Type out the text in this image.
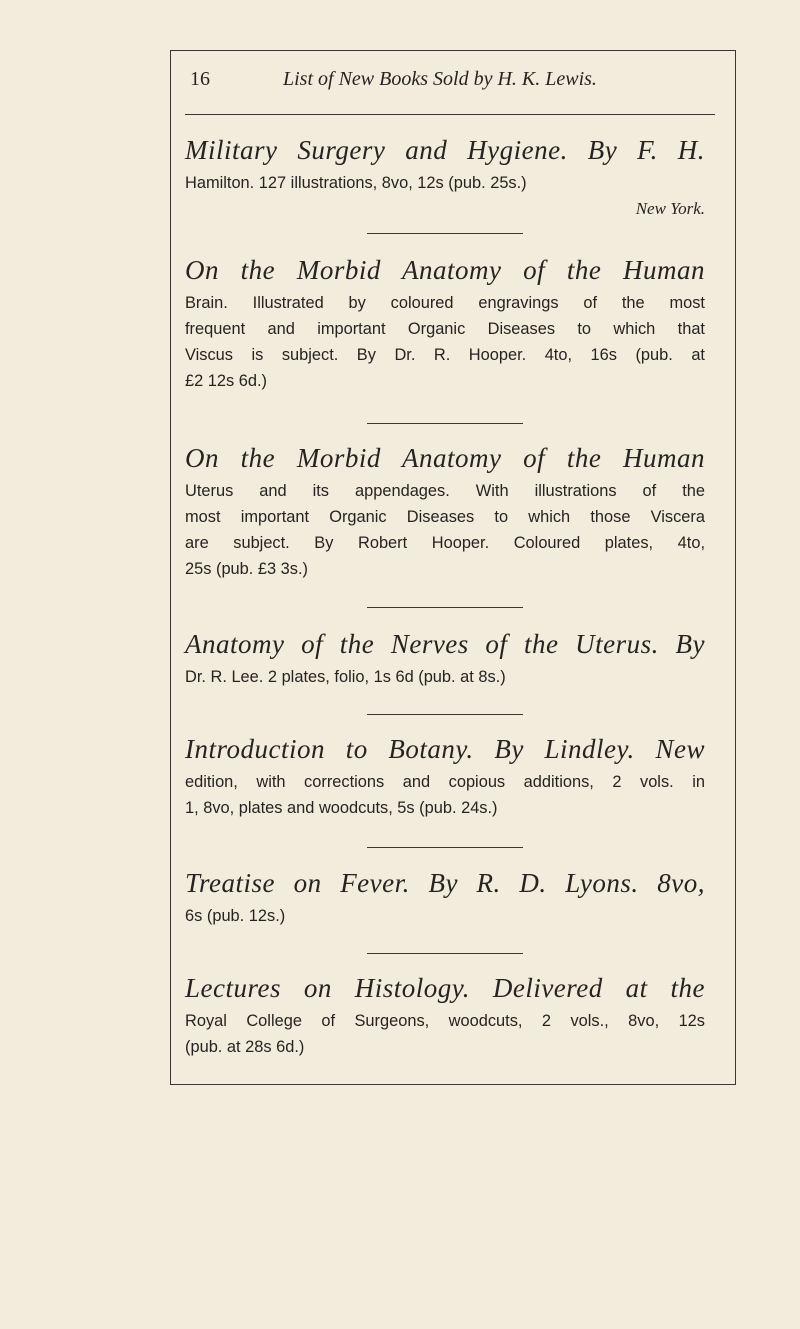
16	List of New Books Sold by H. K. Lewis.
Military Surgery and Hygiene. By F. H.
Hamilton. 127 illustrations, 8vo, 12s (pub. 25s.)
New York.
On the Morbid Anatomy of the Human
Brain. Illustrated by coloured engravings of the most
frequent and important Organic Diseases to which that
Viscus is subject. By Dr. R. Hooper. 4to, 16s (pub. at
£2 12s 6d.)
On the Morbid Anatomy of the Human
Uterus and its appendages. With illustrations of the
most important Organic Diseases to which those Viscera
are subject. By Robert Hooper. Coloured plates, 4to,
25s (pub. £3 3s.)
Anatomy of the Nerves of the Uterus. By
Dr. R. Lee. 2 plates, folio, 1s 6d (pub. at 8s.)
Introduction to Botany. By Lindley. New
edition, with corrections and copious additions, 2 vols. in
1, 8vo, plates and woodcuts, 5s (pub. 24s.)
Treatise on Fever. By R. D. Lyons. 8vo,
6s (pub. 12s.)
Lectures on Histology. Delivered at the
Royal College of Surgeons, woodcuts, 2 vols., 8vo, 12s
(pub. at 28s 6d.)
